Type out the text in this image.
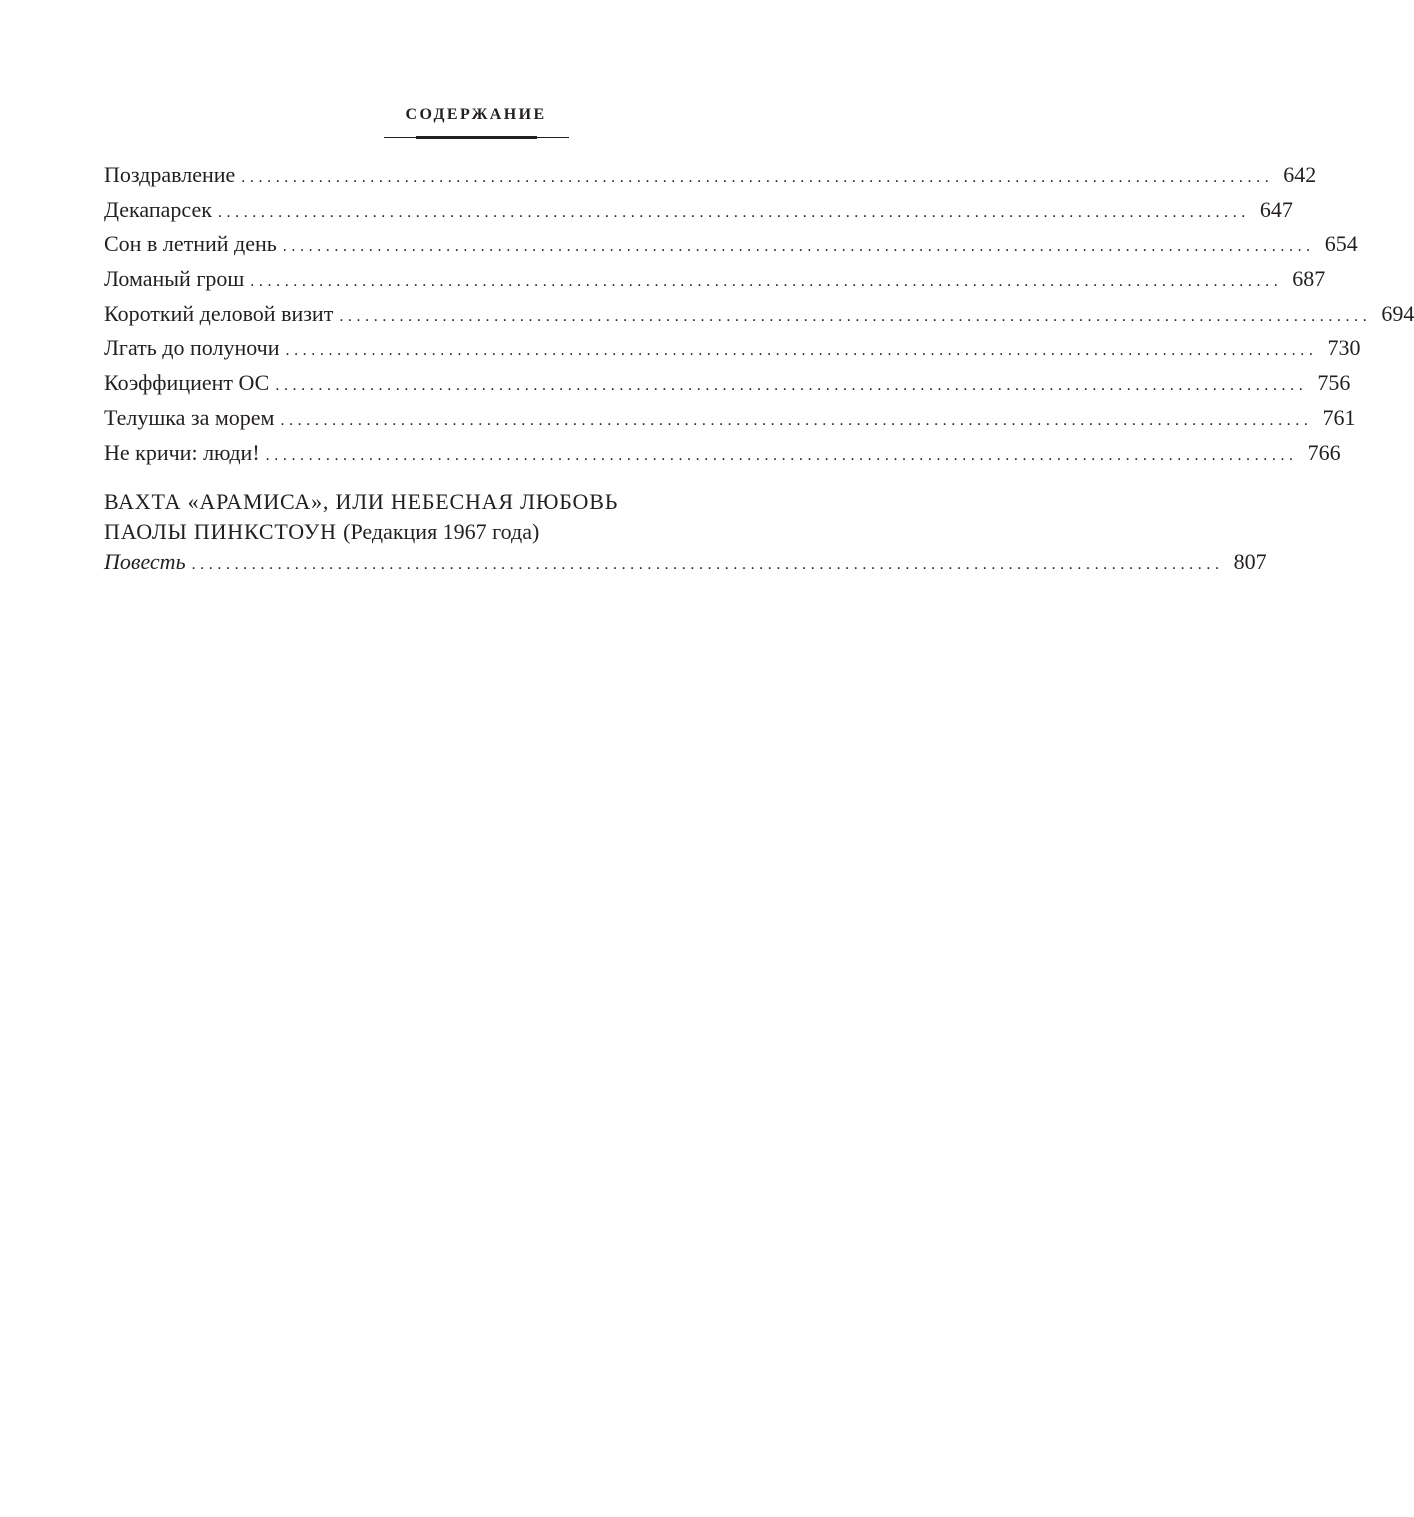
СОДЕРЖАНИЕ
Поздравление ........................................................................................................................ 642
Декапарсек ........................................................................................................................ 647
Сон в летний день ........................................................................................................................ 654
Ломаный грош ........................................................................................................................ 687
Короткий деловой визит ........................................................................................................................ 694
Лгать до полуночи ........................................................................................................................ 730
Коэффициент ОС ........................................................................................................................ 756
Телушка за морем ........................................................................................................................ 761
Не кричи: люди! ........................................................................................................................ 766
ВАХТА «АРАМИСА», ИЛИ НЕБЕСНАЯ ЛЮБОВЬ
ПАОЛЫ ПИНКСТОУН (Редакция 1967 года)
Повесть ........................................................................................................................ 807
